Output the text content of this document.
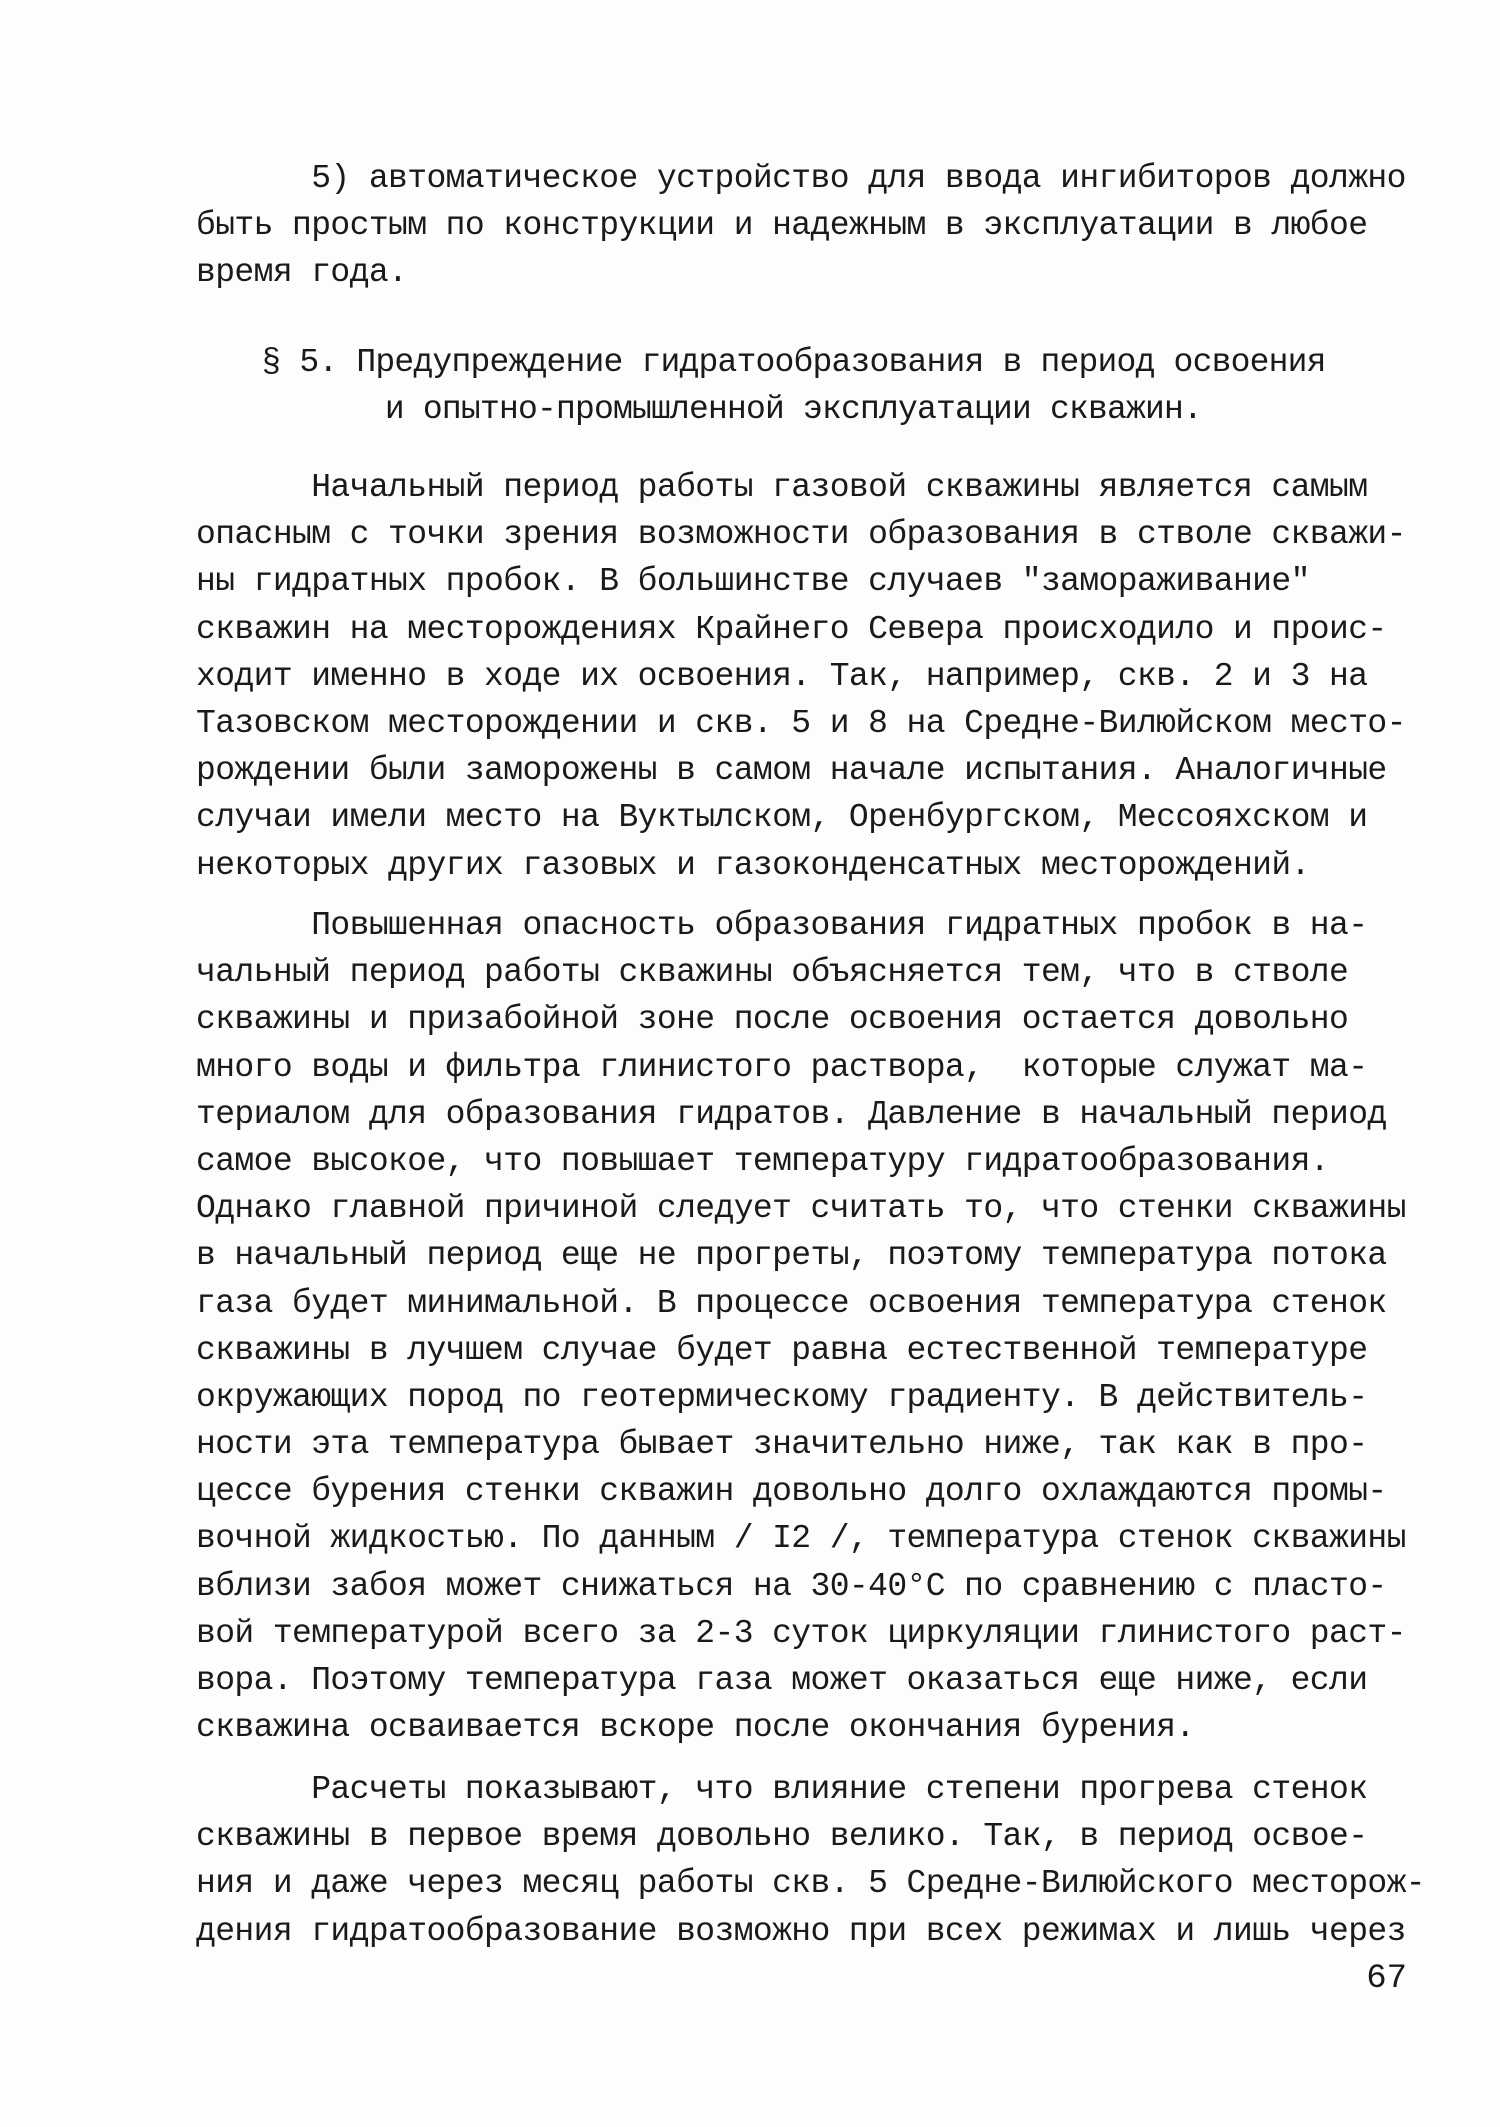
5) автоматическое устройство для ввода ингибиторов должно
быть простым по конструкции и надежным в эксплуатации в любое
время года.
§ 5. Предупреждение гидратообразования в период освоения
и опытно-промышленной эксплуатации скважин.
Начальный период работы газовой скважины является самым
опасным с точки зрения возможности образования в стволе скважи-
ны гидратных пробок. В большинстве случаев "замораживание"
скважин на месторождениях Крайнего Севера происходило и проис-
ходит именно в ходе их освоения. Так, например, скв. 2 и 3 на
Тазовском месторождении и скв. 5 и 8 на Средне-Вилюйском место-
рождении были заморожены в самом начале испытания. Аналогичные
случаи имели место на Вуктылском, Оренбургском, Мессояхском и
некоторых других газовых и газоконденсатных месторождений.
Повышенная опасность образования гидратных пробок в на-
чальный период работы скважины объясняется тем, что в стволе
скважины и призабойной зоне после освоения остается довольно
много воды и фильтра глинистого раствора,  которые служат ма-
териалом для образования гидратов. Давление в начальный период
самое высокое, что повышает температуру гидратообразования.
Однако главной причиной следует считать то, что стенки скважины
в начальный период еще не прогреты, поэтому температура потока
газа будет минимальной. В процессе освоения температура стенок
скважины в лучшем случае будет равна естественной температуре
окружающих пород по геотермическому градиенту. В действитель-
ности эта температура бывает значительно ниже, так как в про-
цессе бурения стенки скважин довольно долго охлаждаются промы-
вочной жидкостью. По данным / I2 /, температура стенок скважины
вблизи забоя может снижаться на 30-40°С по сравнению с пласто-
вой температурой всего за 2-3 суток циркуляции глинистого раст-
вора. Поэтому температура газа может оказаться еще ниже, если
скважина осваивается вскоре после окончания бурения.
Расчеты показывают, что влияние степени прогрева стенок
скважины в первое время довольно велико. Так, в период освое-
ния и даже через месяц работы скв. 5 Средне-Вилюйского месторож-
дения гидратообразование возможно при всех режимах и лишь через
67
